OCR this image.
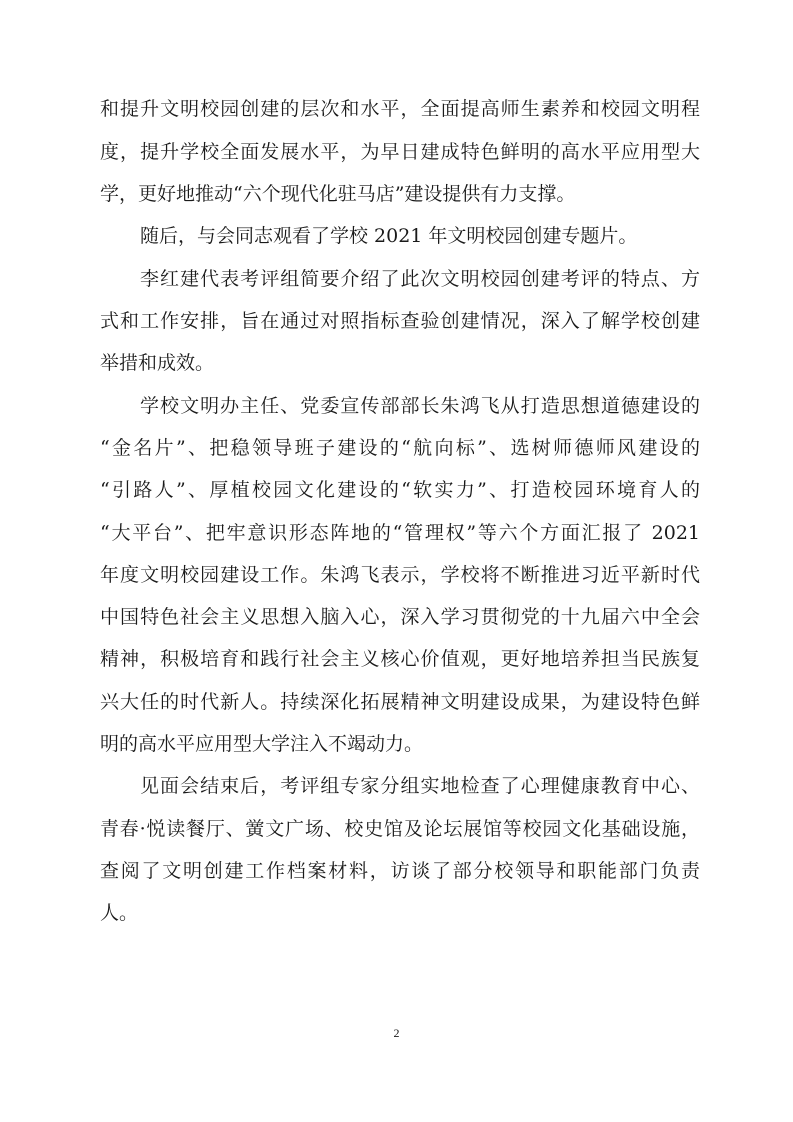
和提升文明校园创建的层次和水平，全面提高师生素养和校园文明程
度，提升学校全面发展水平，为早日建成特色鲜明的高水平应用型大
学，更好地推动“六个现代化驻马店”建设提供有力支撑。
随后，与会同志观看了学校 2021 年文明校园创建专题片。
李红建代表考评组简要介绍了此次文明校园创建考评的特点、方
式和工作安排，旨在通过对照指标查验创建情况，深入了解学校创建
举措和成效。
学校文明办主任、党委宣传部部长朱鸿飞从打造思想道德建设的
“金名片”、把稳领导班子建设的“航向标”、选树师德师风建设的
“引路人”、厚植校园文化建设的“软实力”、打造校园环境育人的
“大平台”、把牢意识形态阵地的“管理权”等六个方面汇报了 2021
年度文明校园建设工作。朱鸿飞表示，学校将不断推进习近平新时代
中国特色社会主义思想入脑入心，深入学习贯彻党的十九届六中全会
精神，积极培育和践行社会主义核心价值观，更好地培养担当民族复
兴大任的时代新人。持续深化拓展精神文明建设成果，为建设特色鲜
明的高水平应用型大学注入不竭动力。
见面会结束后，考评组专家分组实地检查了心理健康教育中心、
青春·悦读餐厅、黉文广场、校史馆及论坛展馆等校园文化基础设施，
查阅了文明创建工作档案材料，访谈了部分校领导和职能部门负责
人。
2
